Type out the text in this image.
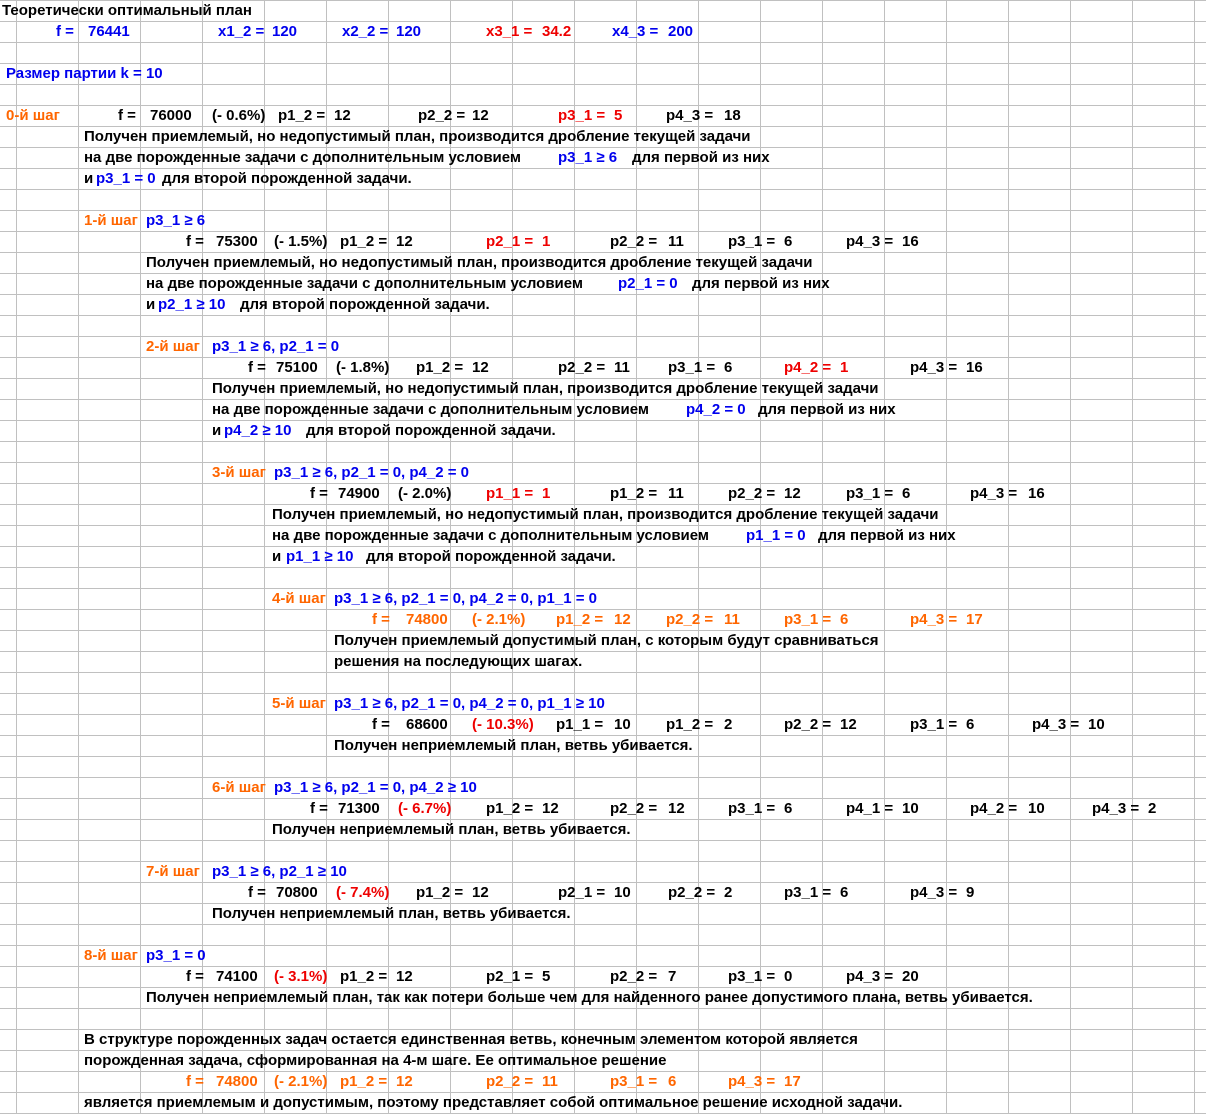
Теоретически оптимальный план
f = 76441	x1_2 = 120	x2_2 = 120	x3_1 = 34.2	x4_3 = 200
Размер партии k = 10
0-й шаг	f = 76000 (- 0.6%) p1_2 = 12	p2_2 = 12	p3_1 = 5	p4_3 = 18
Получен приемлемый, но недопустимый план, производится дробление текущей задачи
на две порожденные задачи с дополнительным условием p3_1 ≥ 6 для первой из них
и p3_1 = 0 для второй порожденной задачи.
1-й шаг p3_1 ≥ 6
f = 75300 (- 1.5%) p1_2 = 12	p2_1 = 1	p2_2 = 11	p3_1 = 6	p4_3 = 16
Получен приемлемый, но недопустимый план, производится дробление текущей задачи
на две порожденные задачи с дополнительным условием p2_1 = 0 для первой из них
и p2_1 ≥ 10 для второй порожденной задачи.
2-й шаг p3_1 ≥ 6, p2_1 = 0
f = 75100 (- 1.8%) p1_2 = 12	p2_2 = 11	p3_1 = 6	p4_2 = 1	p4_3 = 16
Получен приемлемый, но недопустимый план, производится дробление текущей задачи
на две порожденные задачи с дополнительным условием p4_2 = 0 для первой из них
и p4_2 ≥ 10 для второй порожденной задачи.
3-й шаг p3_1 ≥ 6, p2_1 = 0, p4_2 = 0
f = 74900 (- 2.0%) p1_1 = 1	p1_2 = 11	p2_2 = 12	p3_1 = 6	p4_3 = 16
Получен приемлемый, но недопустимый план, производится дробление текущей задачи
на две порожденные задачи с дополнительным условием p1_1 = 0 для первой из них
и p1_1 ≥ 10 для второй порожденной задачи.
4-й шаг p3_1 ≥ 6, p2_1 = 0, p4_2 = 0, p1_1 = 0
f = 74800 (- 2.1%) p1_2 = 12 p2_2 = 11	p3_1 = 6	p4_3 = 17
Получен приемлемый допустимый план, с которым будут сравниваться
решения на последующих шагах.
5-й шаг p3_1 ≥ 6, p2_1 = 0, p4_2 = 0, p1_1 ≥ 10
f = 68600 (- 10.3%) p1_1 = 10 p1_2 = 2	p2_2 = 12	p3_1 = 6	p4_3 = 10
Получен неприемлемый план, ветвь убивается.
6-й шаг p3_1 ≥ 6, p2_1 = 0, p4_2 ≥ 10
f = 71300 (- 6.7%) p1_2 = 12	p2_2 = 12	p3_1 = 6	p4_1 = 10	p4_2 = 10	p4_3 = 2
Получен неприемлемый план, ветвь убивается.
7-й шаг p3_1 ≥ 6, p2_1 ≥ 10
f = 70800 (- 7.4%) p1_2 = 12	p2_1 = 10 p2_2 = 2	p3_1 = 6	p4_3 = 9
Получен неприемлемый план, ветвь убивается.
8-й шаг p3_1 = 0
f = 74100 (- 3.1%) p1_2 = 12	p2_1 = 5	p2_2 = 7	p3_1 = 0	p4_3 = 20
Получен неприемлемый план, так как потери больше чем для найденного ранее допустимого плана, ветвь убивается.
В структуре порожденных задач остается единственная ветвь, конечным элементом которой является
порожденная задача, сформированная на 4-м шаге. Ее оптимальное решение
f = 74800 (- 2.1%) p1_2 = 12	p2_2 = 11	p3_1 = 6	p4_3 = 17
является приемлемым и допустимым, поэтому представляет собой оптимальное решение исходной задачи.
